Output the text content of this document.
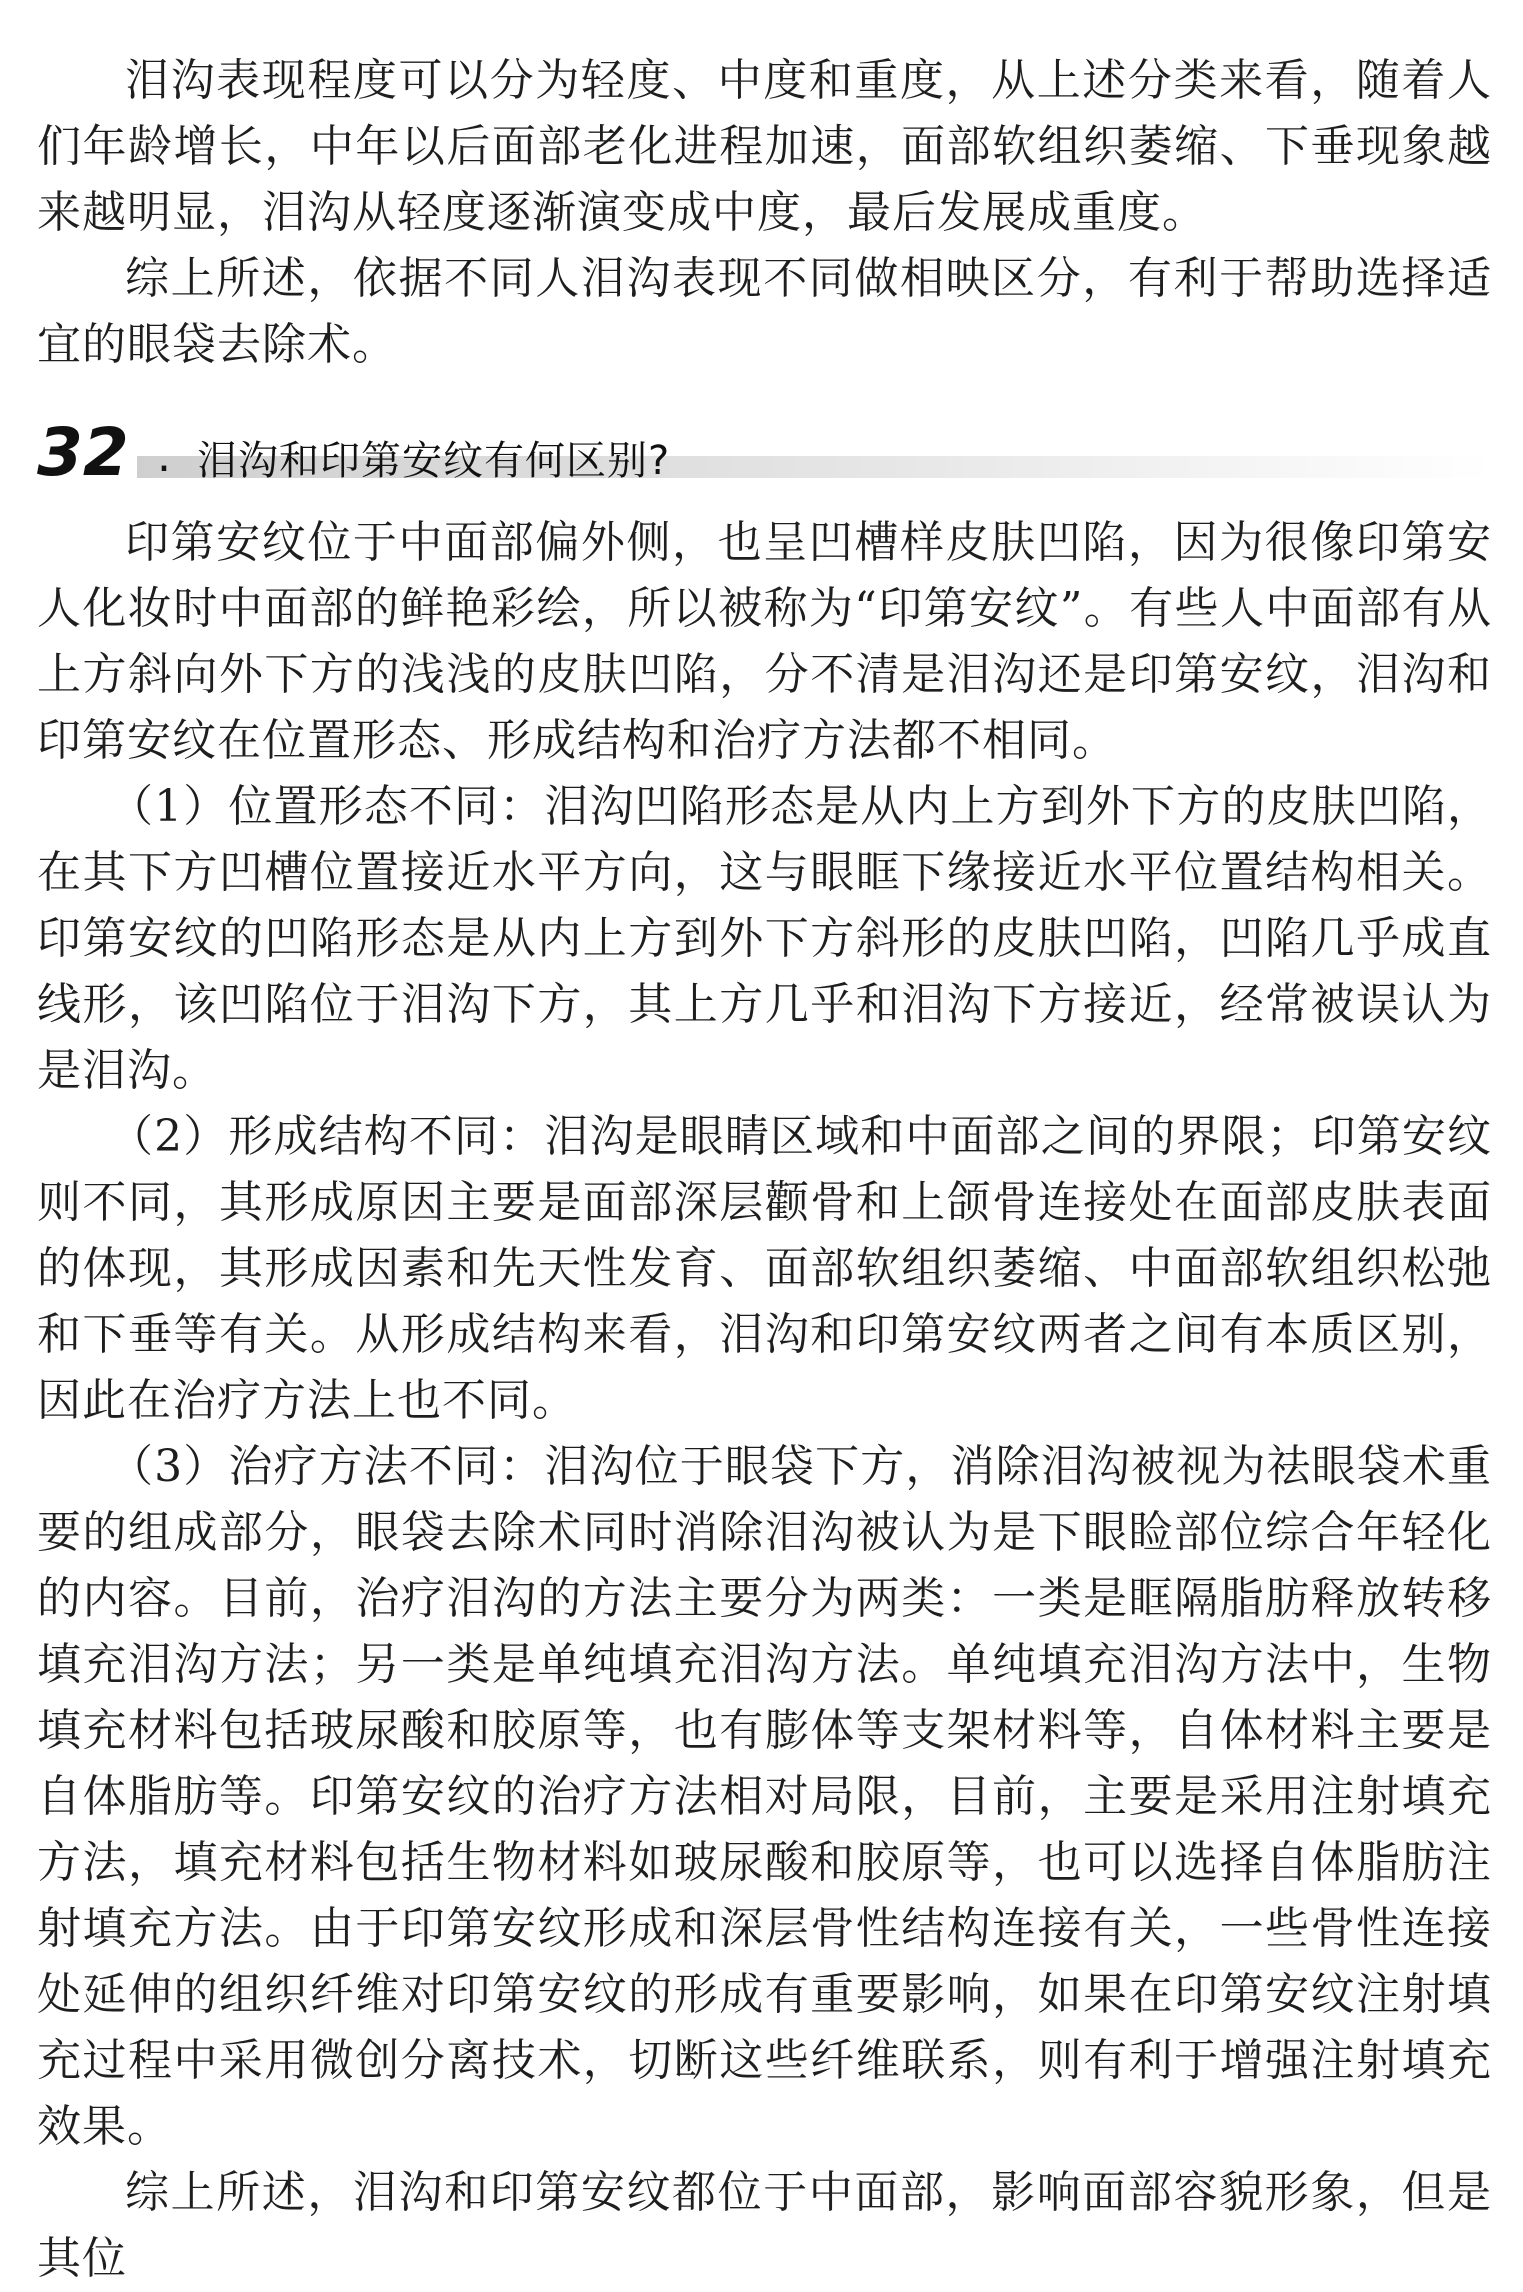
泪沟表现程度可以分为轻度、中度和重度，从上述分类来看，随着人们年龄增长，中年以后面部老化进程加速，面部软组织萎缩、下垂现象越来越明显，泪沟从轻度逐渐演变成中度，最后发展成重度。

综上所述，依据不同人泪沟表现不同做相映区分，有利于帮助选择适宜的眼袋去除术。

32 . 泪沟和印第安纹有何区别?

印第安纹位于中面部偏外侧，也呈凹槽样皮肤凹陷，因为很像印第安人化妆时中面部的鲜艳彩绘，所以被称为“印第安纹”。有些人中面部有从上方斜向外下方的浅浅的皮肤凹陷，分不清是泪沟还是印第安纹，泪沟和印第安纹在位置形态、形成结构和治疗方法都不相同。

（1）位置形态不同：泪沟凹陷形态是从内上方到外下方的皮肤凹陷，在其下方凹槽位置接近水平方向，这与眼眶下缘接近水平位置结构相关。印第安纹的凹陷形态是从内上方到外下方斜形的皮肤凹陷，凹陷几乎成直线形，该凹陷位于泪沟下方，其上方几乎和泪沟下方接近，经常被误认为是泪沟。

（2）形成结构不同：泪沟是眼睛区域和中面部之间的界限；印第安纹则不同，其形成原因主要是面部深层颧骨和上颌骨连接处在面部皮肤表面的体现，其形成因素和先天性发育、面部软组织萎缩、中面部软组织松弛和下垂等有关。从形成结构来看，泪沟和印第安纹两者之间有本质区别，因此在治疗方法上也不同。

（3）治疗方法不同：泪沟位于眼袋下方，消除泪沟被视为祛眼袋术重要的组成部分，眼袋去除术同时消除泪沟被认为是下眼睑部位综合年轻化的内容。目前，治疗泪沟的方法主要分为两类：一类是眶隔脂肪释放转移填充泪沟方法；另一类是单纯填充泪沟方法。单纯填充泪沟方法中，生物填充材料包括玻尿酸和胶原等，也有膨体等支架材料等，自体材料主要是自体脂肪等。印第安纹的治疗方法相对局限，目前，主要是采用注射填充方法，填充材料包括生物材料如玻尿酸和胶原等，也可以选择自体脂肪注射填充方法。由于印第安纹形成和深层骨性结构连接有关，一些骨性连接处延伸的组织纤维对印第安纹的形成有重要影响，如果在印第安纹注射填充过程中采用微创分离技术，切断这些纤维联系，则有利于增强注射填充效果。

综上所述，泪沟和印第安纹都位于中面部，影响面部容貌形象，但是其位
